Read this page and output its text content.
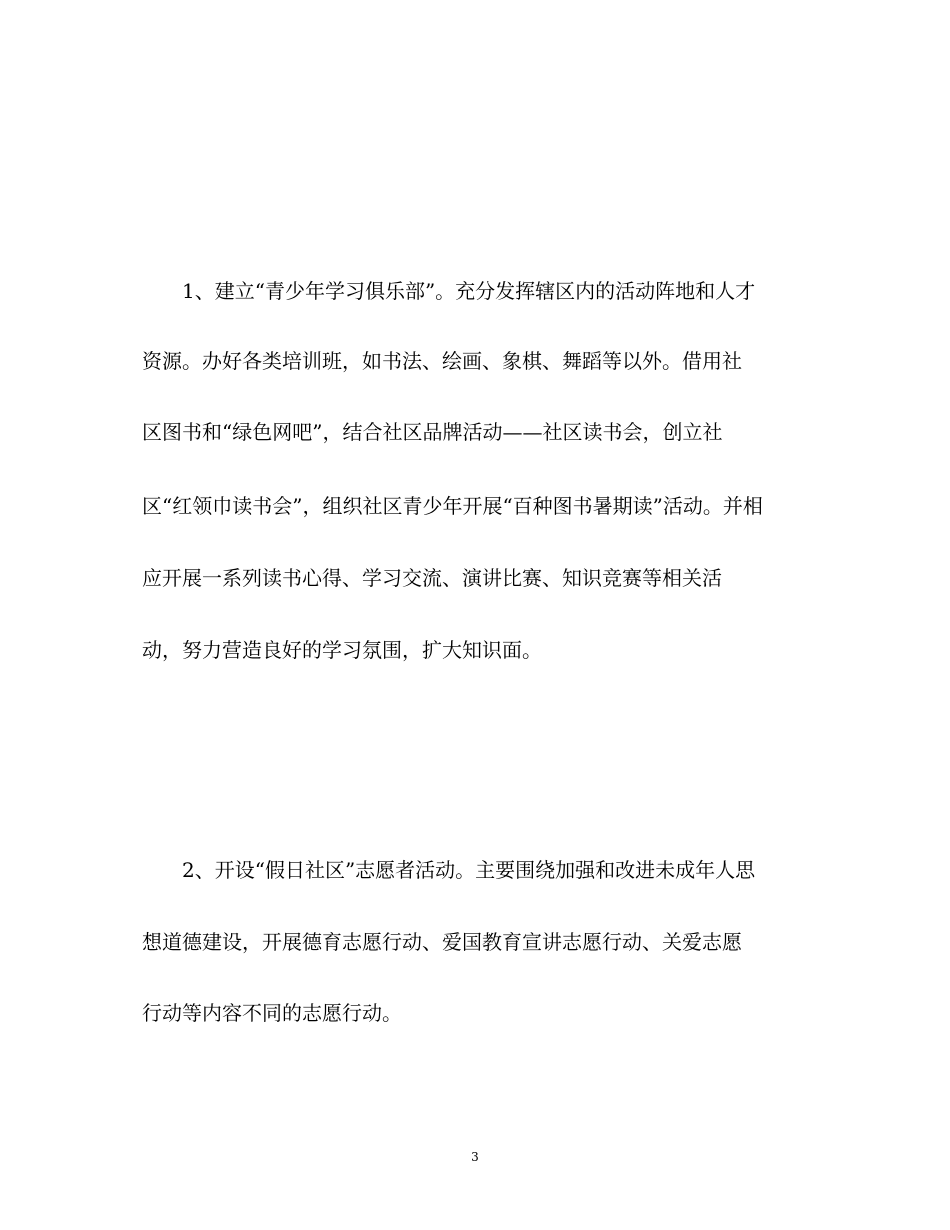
1、建立“青少年学习俱乐部”。充分发挥辖区内的活动阵地和人才
资源。办好各类培训班，如书法、绘画、象棋、舞蹈等以外。借用社
区图书和“绿色网吧”，结合社区品牌活动——社区读书会，创立社
区“红领巾读书会”，组织社区青少年开展“百种图书暑期读”活动。并相
应开展一系列读书心得、学习交流、演讲比赛、知识竞赛等相关活
动，努力营造良好的学习氛围，扩大知识面。
2、开设“假日社区”志愿者活动。主要围绕加强和改进未成年人思
想道德建设，开展德育志愿行动、爱国教育宣讲志愿行动、关爱志愿
行动等内容不同的志愿行动。
3
